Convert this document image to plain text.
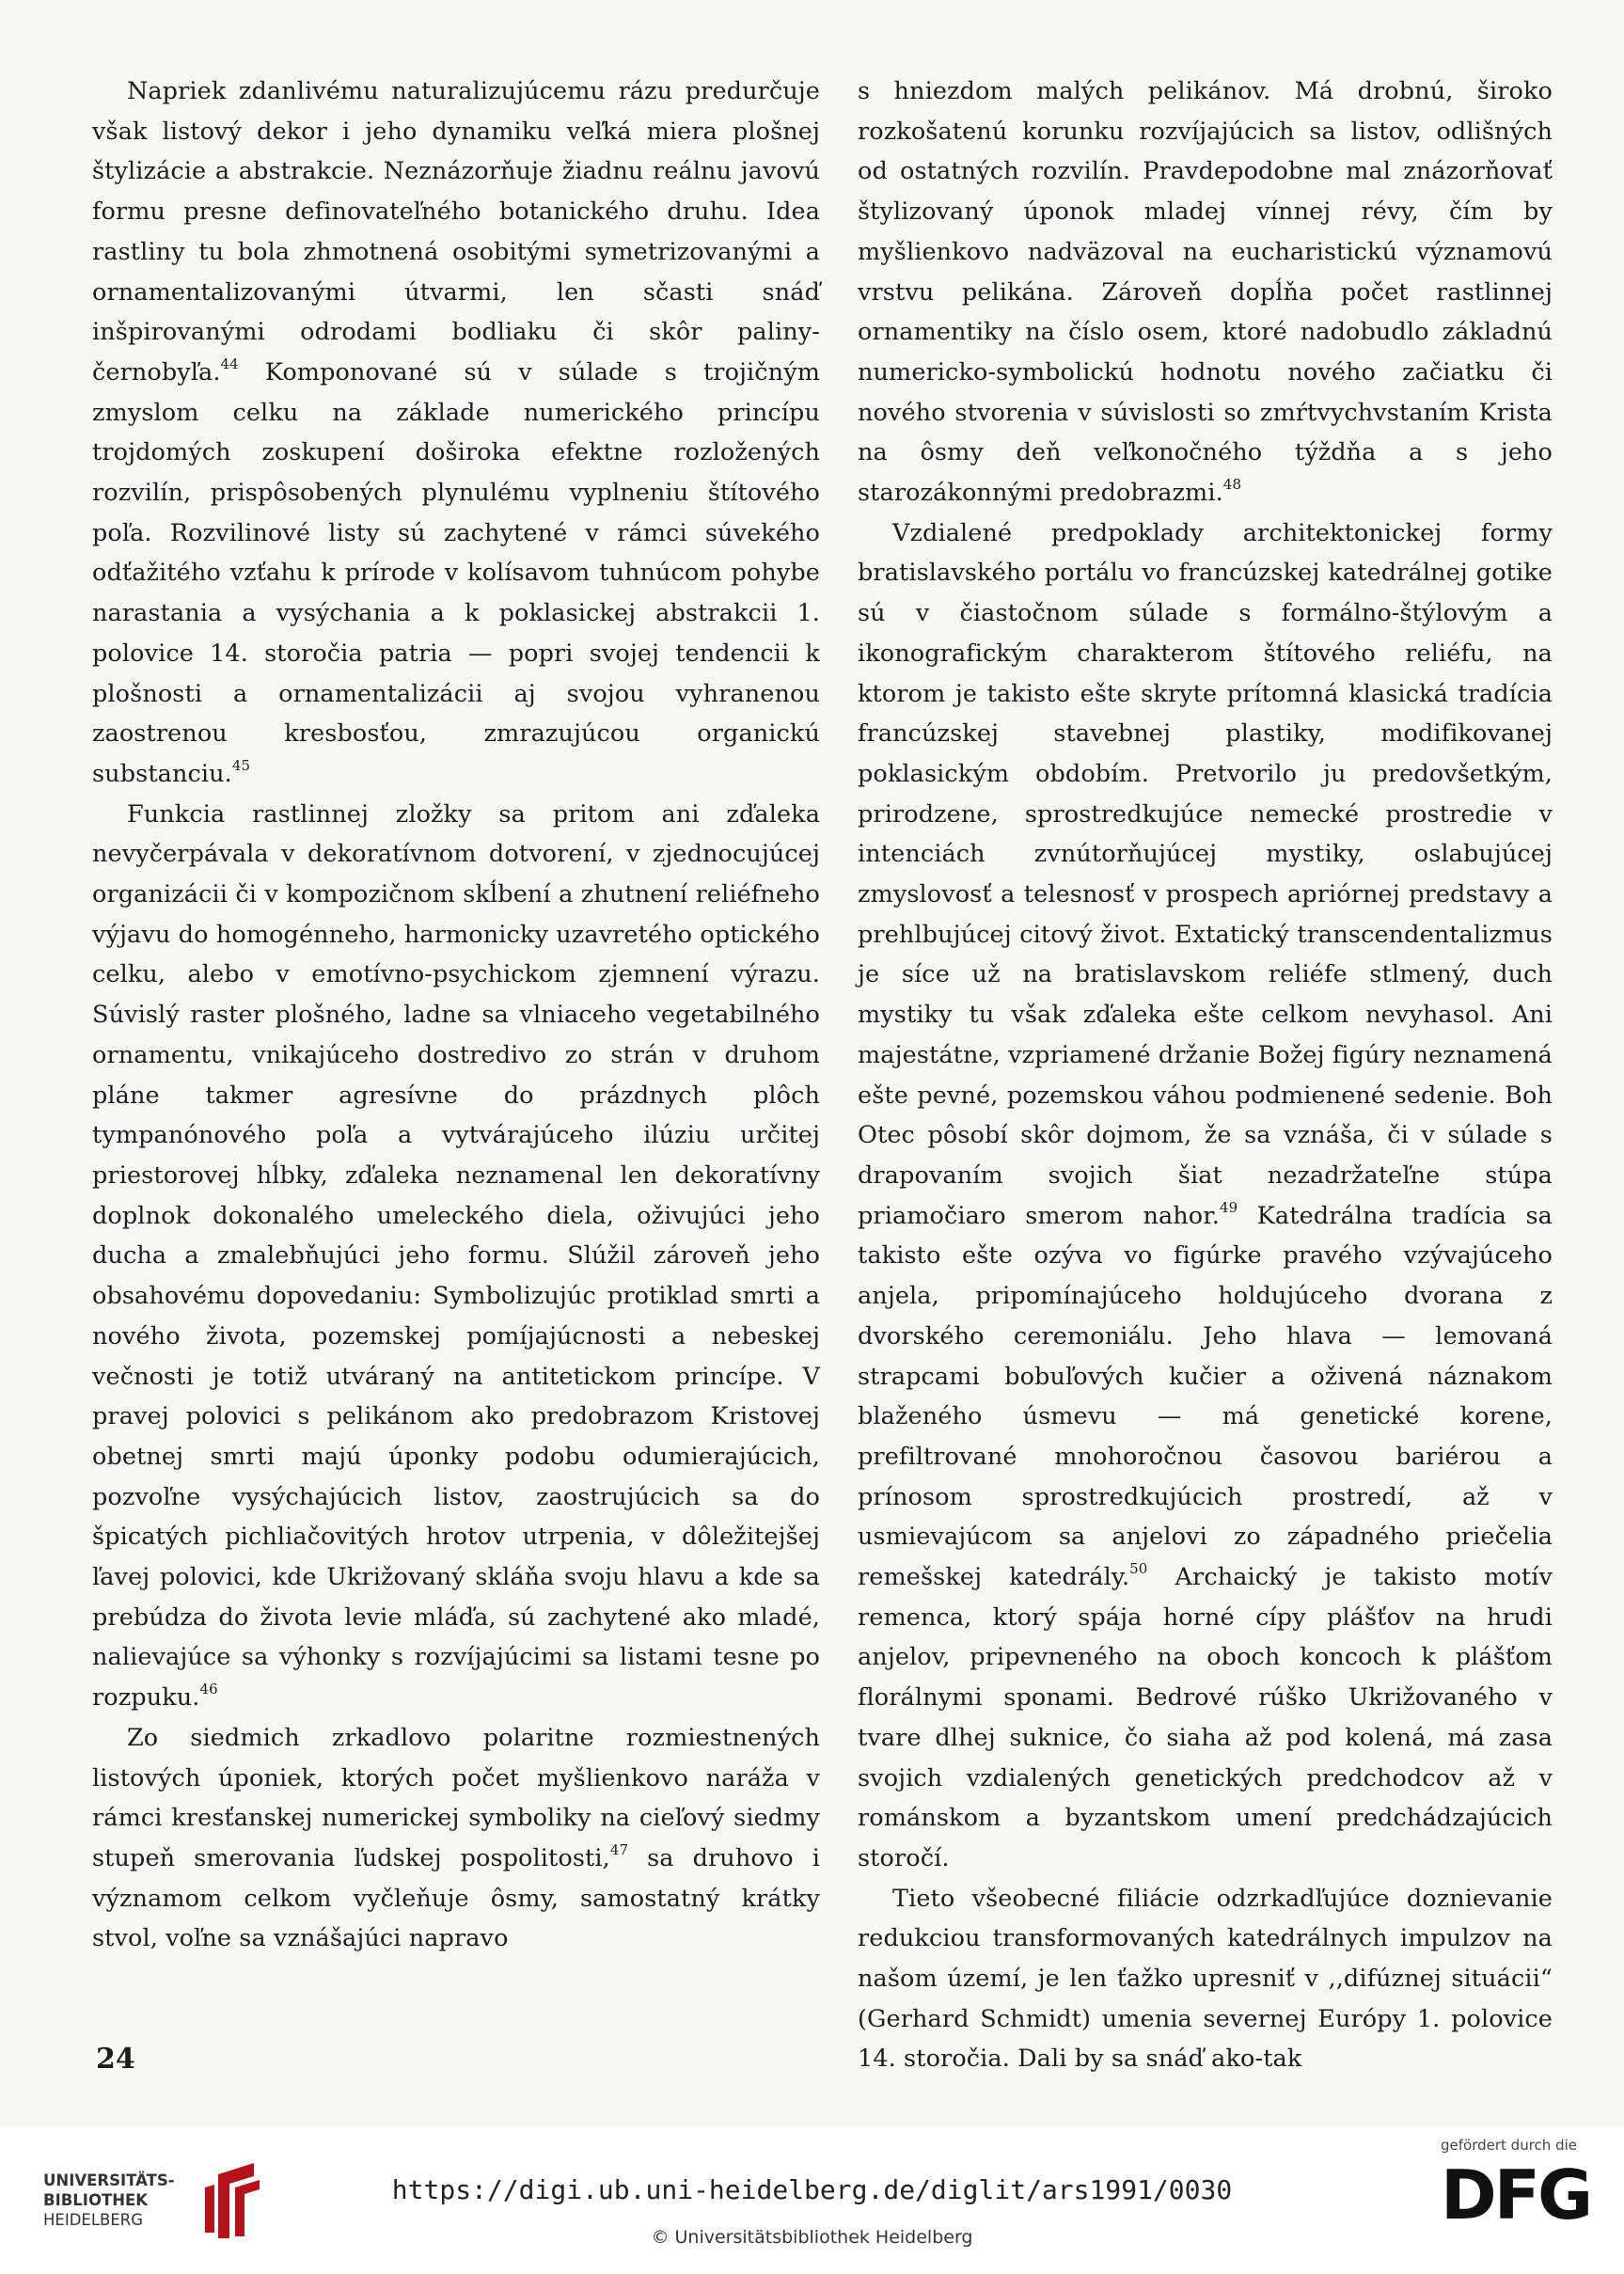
Napriek zdanlivému naturalizujúcemu rázu predurčuje však listový dekor i jeho dynamiku veľká miera plošnej štylizácie a abstrakcie. Neznázorňuje žiadnu reálnu javovú formu presne definovateľného botanického druhu. Idea rastliny tu bola zhmotnená osobitými symetrizovanými a ornamentalizovanými útvarmi, len sčasti snáď inšpirovanými odrodami bodliaku či skôr paliny-černobyľa.$^{44}$ Komponované sú v súlade s trojičným zmyslom celku na základe numerického princípu trojdomých zoskupení doširoka efektne rozložených rozvilín, prispôsobených plynulému vyplneniu štítového poľa. Rozvilinové listy sú zachytené v rámci súvekého odťažitého vzťahu k prírode v kolísavom tuhnúcom pohybe narastania a vysýchania a k poklasickej abstrakcii 1. polovice 14. storočia patria — popri svojej tendencii k plošnosti a ornamentalizácii aj svojou vyhranenou zaostrenou kresbosťou, zmrazujúcou organickú substanciu.$^{45}$

Funkcia rastlinnej zložky sa pritom ani zďaleka nevyčerpávala v dekoratívnom dotvorení, v zjednocujúcej organizácii či v kompozičnom skĺbení a zhutnení reliéfneho výjavu do homogénneho, harmonicky uzavretého optického celku, alebo v emotívno-psychickom zjemnení výrazu. Súvislý raster plošného, ladne sa vlniaceho vegetabilného ornamentu, vnikajúceho dostredivo zo strán v druhom pláne takmer agresívne do prázdnych plôch tympanónového poľa a vytvárajúceho ilúziu určitej priestorovej hĺbky, zďaleka neznamenal len dekoratívny doplnok dokonalého umeleckého diela, oživujúci jeho ducha a zmalebňujúci jeho formu. Slúžil zároveň jeho obsahovému dopovedaniu: Symbolizujúc protiklad smrti a nového života, pozemskej pomíjajúcnosti a nebeskej večnosti je totiž utváraný na antitetickom princípe. V pravej polovici s pelikánom ako predobrazom Kristovej obetnej smrti majú úponky podobu odumierajúcich, pozvoľne vysýchajúcich listov, zaostrujúcich sa do špicatých pichliačovitých hrotov utrpenia, v dôležitejšej ľavej polovici, kde Ukrižovaný skláňa svoju hlavu a kde sa prebúdza do života levie mláďa, sú zachytené ako mladé, nalievajúce sa výhonky s rozvíjajúcimi sa listami tesne po rozpuku.$^{46}$

Zo siedmich zrkadlovo polaritne rozmiestnených listových úponiek, ktorých počet myšlienkovo naráža v rámci kresťanskej numerickej symboliky na cieľový siedmy stupeň smerovania ľudskej pospolitosti,$^{47}$ sa druhovo i významom celkom vyčleňuje ôsmy, samostatný krátky stvol, voľne sa vznášajúci napravo

s hniezdom malých pelikánov. Má drobnú, široko rozkošatenú korunku rozvíjajúcich sa listov, odlišných od ostatných rozvilín. Pravdepodobne mal znázorňovať štylizovaný úponok mladej vínnej révy, čím by myšlienkovo nadväzoval na eucharistickú významovú vrstvu pelikána. Zároveň dopĺňa počet rastlinnej ornamentiky na číslo osem, ktoré nadobudlo základnú numericko-symbolickú hodnotu nového začiatku či nového stvorenia v súvislosti so zmŕtvychvstaním Krista na ôsmy deň veľkonočného týždňa a s jeho starozákonnými predobrazmi.$^{48}$

Vzdialené predpoklady architektonickej formy bratislavského portálu vo francúzskej katedrálnej gotike sú v čiastočnom súlade s formálno-štýlovým a ikonografickým charakterom štítového reliéfu, na ktorom je takisto ešte skryte prítomná klasická tradícia francúzskej stavebnej plastiky, modifikovanej poklasickým obdobím. Pretvorilo ju predovšetkým, prirodzene, sprostredkujúce nemecké prostredie v intenciách zvnútorňujúcej mystiky, oslabujúcej zmyslovosť a telesnosť v prospech apriórnej predstavy a prehlbujúcej citový život. Extatický transcendentalizmus je síce už na bratislavskom reliéfe stlmený, duch mystiky tu však zďaleka ešte celkom nevyhasol. Ani majestátne, vzpriamené držanie Božej figúry neznamená ešte pevné, pozemskou váhou podmienené sedenie. Boh Otec pôsobí skôr dojmom, že sa vznáša, či v súlade s drapovaním svojich šiat nezadržateľne stúpa priamočiaro smerom nahor.$^{49}$ Katedrálna tradícia sa takisto ešte ozýva vo figúrke pravého vzývajúceho anjela, pripomínajúceho holdujúceho dvorana z dvorského ceremoniálu. Jeho hlava — lemovaná strapcami bobuľových kučier a oživená náznakom blaženého úsmevu — má genetické korene, prefiltrované mnohoročnou časovou bariérou a prínosom sprostredkujúcich prostredí, až v usmievajúcom sa anjelovi zo západného priečelia remešskej katedrály.$^{50}$ Archaický je takisto motív remenca, ktorý spája horné cípy plášťov na hrudi anjelov, pripevneného na oboch koncoch k plášťom florálnymi sponami. Bedrové rúško Ukrižovaného v tvare dlhej suknice, čo siaha až pod kolená, má zasa svojich vzdialených genetických predchodcov až v románskom a byzantskom umení predchádzajúcich storočí.

Tieto všeobecné filiácie odzrkadľujúce doznievanie redukciou transformovaných katedrálnych impulzov na našom území, je len ťažko upresniť v ,,difúznej situácii“ (Gerhard Schmidt) umenia severnej Európy 1. polovice 14. storočia. Dali by sa snáď ako-tak

24
UNIVERSITÄTS-
BIBLIOTHEK
HEIDELBERG
https://digi.ub.uni-heidelberg.de/diglit/ars1991/0030
© Universitätsbibliothek Heidelberg
gefördert durch die
DFG
